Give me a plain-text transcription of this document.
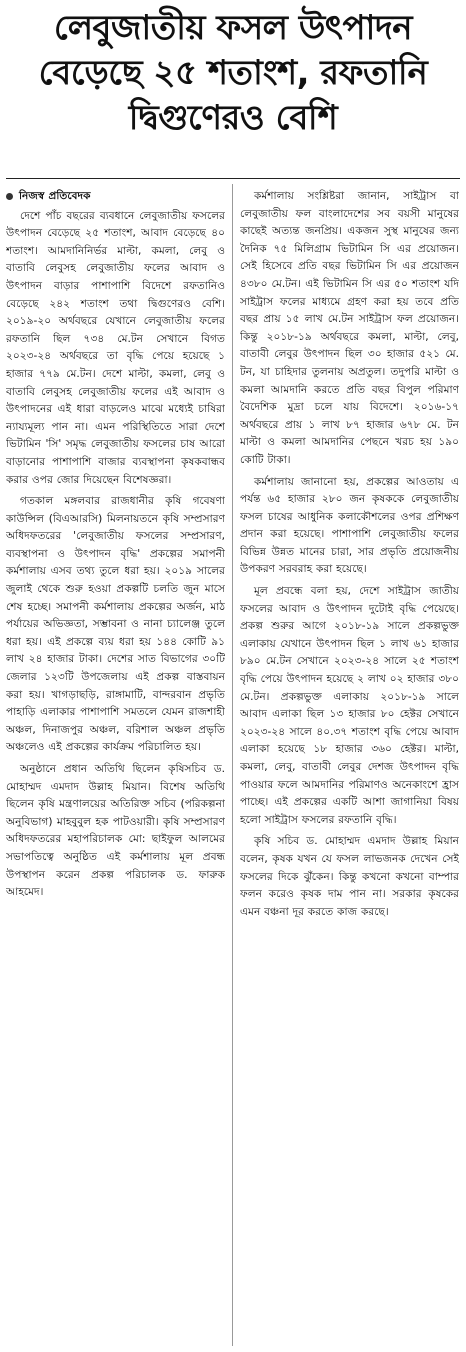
লেবুজাতীয় ফসল উৎপাদন
বেড়েছে ২৫ শতাংশ, রফতানি
দ্বিগুণেরও বেশি
নিজস্ব প্রতিবেদক

দেশে পাঁচ বছরের ব্যবধানে লেবুজাতীয় ফসলের উৎপাদন বেড়েছে ২৫ শতাংশ, আবাদ বেড়েছে ৪০ শতাংশ। আমদানিনির্ভর মাল্টা, কমলা, লেবু ও বাতাবি লেবুসহ লেবুজাতীয় ফলের আবাদ ও উৎপাদন বাড়ার পাশাপাশি বিদেশে রফতানিও বেড়েছে ২৪২ শতাংশ তথা দ্বিগুণেরও বেশি। ২০১৯-২০ অর্থবছরে যেখানে লেবুজাতীয় ফলের রফতানি ছিল ৭৩৪ মে.টন সেখানে বিগত ২০২৩-২৪ অর্থবছরে তা বৃদ্ধি পেয়ে হয়েছে ১ হাজার ৭৭৯ মে.টন। দেশে মাল্টা, কমলা, লেবু ও বাতাবি লেবুসহ লেবুজাতীয় ফলের এই আবাদ ও উৎপাদনের এই ধারা বাড়লেও মাঝে মধ্যেই চাষিরা ন্যায্যমূল্য পান না। এমন পরিস্থিতিতে সারা দেশে ভিটামিন 'সি' সমৃদ্ধ লেবুজাতীয় ফসলের চাষ আরো বাড়ানোর পাশাপাশি বাজার ব্যবস্থাপনা কৃষকবান্ধব করার ওপর জোর দিয়েছেন বিশেষজ্ঞরা।

গতকাল মঙ্গলবার রাজধানীর কৃষি গবেষণা কাউন্সিল (বিএআরসি) মিলনায়তনে কৃষি সম্প্রসারণ অধিদফতরের 'লেবুজাতীয় ফসলের সম্প্রসারণ, ব্যবস্থাপনা ও উৎপাদন বৃদ্ধি' প্রকল্পের সমাপনী কর্মশালায় এসব তথ্য তুলে ধরা হয়। ২০১৯ সালের জুলাই থেকে শুরু হওয়া প্রকল্পটি চলতি জুন মাসে শেষ হচ্ছে। সমাপনী কর্মশালায় প্রকল্পের অর্জন, মাঠ পর্যায়ের অভিজ্ঞতা, সম্ভাবনা ও নানা চ্যালেঞ্জ তুলে ধরা হয়। এই প্রকল্পে ব্যয় ধরা হয় ১৪৪ কোটি ৯১ লাখ ২৪ হাজার টাকা। দেশের সাত বিভাগের ৩০টি জেলার ১২৩টি উপজেলায় এই প্রকল্প বাস্তবায়ন করা হয়। খাগড়াছড়ি, রাঙ্গামাটি, বান্দরবান প্রভৃতি পাহাড়ি এলাকার পাশাপাশি সমতলে যেমন রাজশাহী অঞ্চল, দিনাজপুর অঞ্চল, বরিশাল অঞ্চল প্রভৃতি অঞ্চলেও এই প্রকল্পের কার্যক্রম পরিচালিত হয়।

অনুষ্ঠানে প্রধান অতিথি ছিলেন কৃষিসচিব ড. মোহাম্মদ এমদাদ উল্লাহ মিয়ান। বিশেষ অতিথি ছিলেন কৃষি মন্ত্রণালয়ের অতিরিক্ত সচিব (পরিকল্পনা অনুবিভাগ) মাহবুবুল হক পাটওয়ারী। কৃষি সম্প্রসারণ অধিদফতরের মহাপরিচালক মো: ছাইফুল আলমের সভাপতিত্বে অনুষ্ঠিত এই কর্মশালায় মূল প্রবন্ধ উপস্থাপন করেন প্রকল্প পরিচালক ড. ফারুক আহমেদ।

কর্মশালায় সংশ্লিষ্টরা জানান, সাইট্রাস বা লেবুজাতীয় ফল বাংলাদেশের সব বয়সী মানুষের কাছেই অত্যন্ত জনপ্রিয়। একজন সুস্থ মানুষের জন্য দৈনিক ৭৫ মিলিগ্রাম ভিটামিন সি এর প্রয়োজন। সেই হিসেবে প্রতি বছর ভিটামিন সি এর প্রয়োজন ৪৩৮০ মে.টন। এই ভিটামিন সি এর ৫০ শতাংশ যদি সাইট্রাস ফলের মাধ্যমে গ্রহণ করা হয় তবে প্রতি বছর প্রায় ১৫ লাখ মে.টন সাইট্রাস ফল প্রয়োজন। কিন্তু ২০১৮-১৯ অর্থবছরে কমলা, মাল্টা, লেবু, বাতাবী লেবুর উৎপাদন ছিল ৩০ হাজার ৫২১ মে. টন, যা চাহিদার তুলনায় অপ্রতুল। তদুপরি মাল্টা ও কমলা আমদানি করতে প্রতি বছর বিপুল পরিমাণ বৈদেশিক মুদ্রা চলে যায় বিদেশে। ২০১৬-১৭ অর্থবছরে প্রায় ১ লাখ ৮৭ হাজার ৬৭৮ মে. টন মাল্টা ও কমলা আমদানির পেছনে খরচ হয় ১৯০ কোটি টাকা।

কর্মশালায় জানানো হয়, প্রকল্পের আওতায় এ পর্যন্ত ৬৫ হাজার ২৮০ জন কৃষককে লেবুজাতীয় ফসল চাষের আধুনিক কলাকৌশলের ওপর প্রশিক্ষণ প্রদান করা হয়েছে। পাশাপাশি লেবুজাতীয় ফলের বিভিন্ন উন্নত মানের চারা, সার প্রভৃতি প্রয়োজনীয় উপকরণ সরবরাহ করা হয়েছে।

মূল প্রবন্ধে বলা হয়, দেশে সাইট্রাস জাতীয় ফসলের আবাদ ও উৎপাদন দুটোই বৃদ্ধি পেয়েছে। প্রকল্প শুরুর আগে ২০১৮-১৯ সালে প্রকল্পভুক্ত এলাকায় যেখানে উৎপাদন ছিল ১ লাখ ৬১ হাজার ৮৯০ মে.টন সেখানে ২০২৩-২৪ সালে ২৫ শতাংশ বৃদ্ধি পেয়ে উৎপাদন হয়েছে ২ লাখ ০২ হাজার ৩৮০ মে.টন। প্রকল্পভুক্ত এলাকায় ২০১৮-১৯ সালে আবাদ এলাকা ছিল ১৩ হাজার ৮০ হেক্টর সেখানে ২০২৩-২৪ সালে ৪০.৩৭ শতাংশ বৃদ্ধি পেয়ে আবাদ এলাকা হয়েছে ১৮ হাজার ৩৬০ হেক্টর। মাল্টা, কমলা, লেবু, বাতাবী লেবুর দেশজ উৎপাদন বৃদ্ধি পাওয়ার ফলে আমদানির পরিমাণও অনেকাংশে হ্রাস পাচ্ছে। এই প্রকল্পের একটি আশা জাগানিয়া বিষয় হলো সাইট্রাস ফসলের রফতানি বৃদ্ধি।

কৃষি সচিব ড. মোহাম্মদ এমদাদ উল্লাহ মিয়ান বলেন, কৃষক যখন যে ফসল লাভজনক দেখেন সেই ফসলের দিকে ঝুঁকেন। কিন্তু কখনো কখনো বাম্পার ফলন করেও কৃষক দাম পান না। সরকার কৃষকের এমন বঞ্চনা দূর করতে কাজ করছে।
